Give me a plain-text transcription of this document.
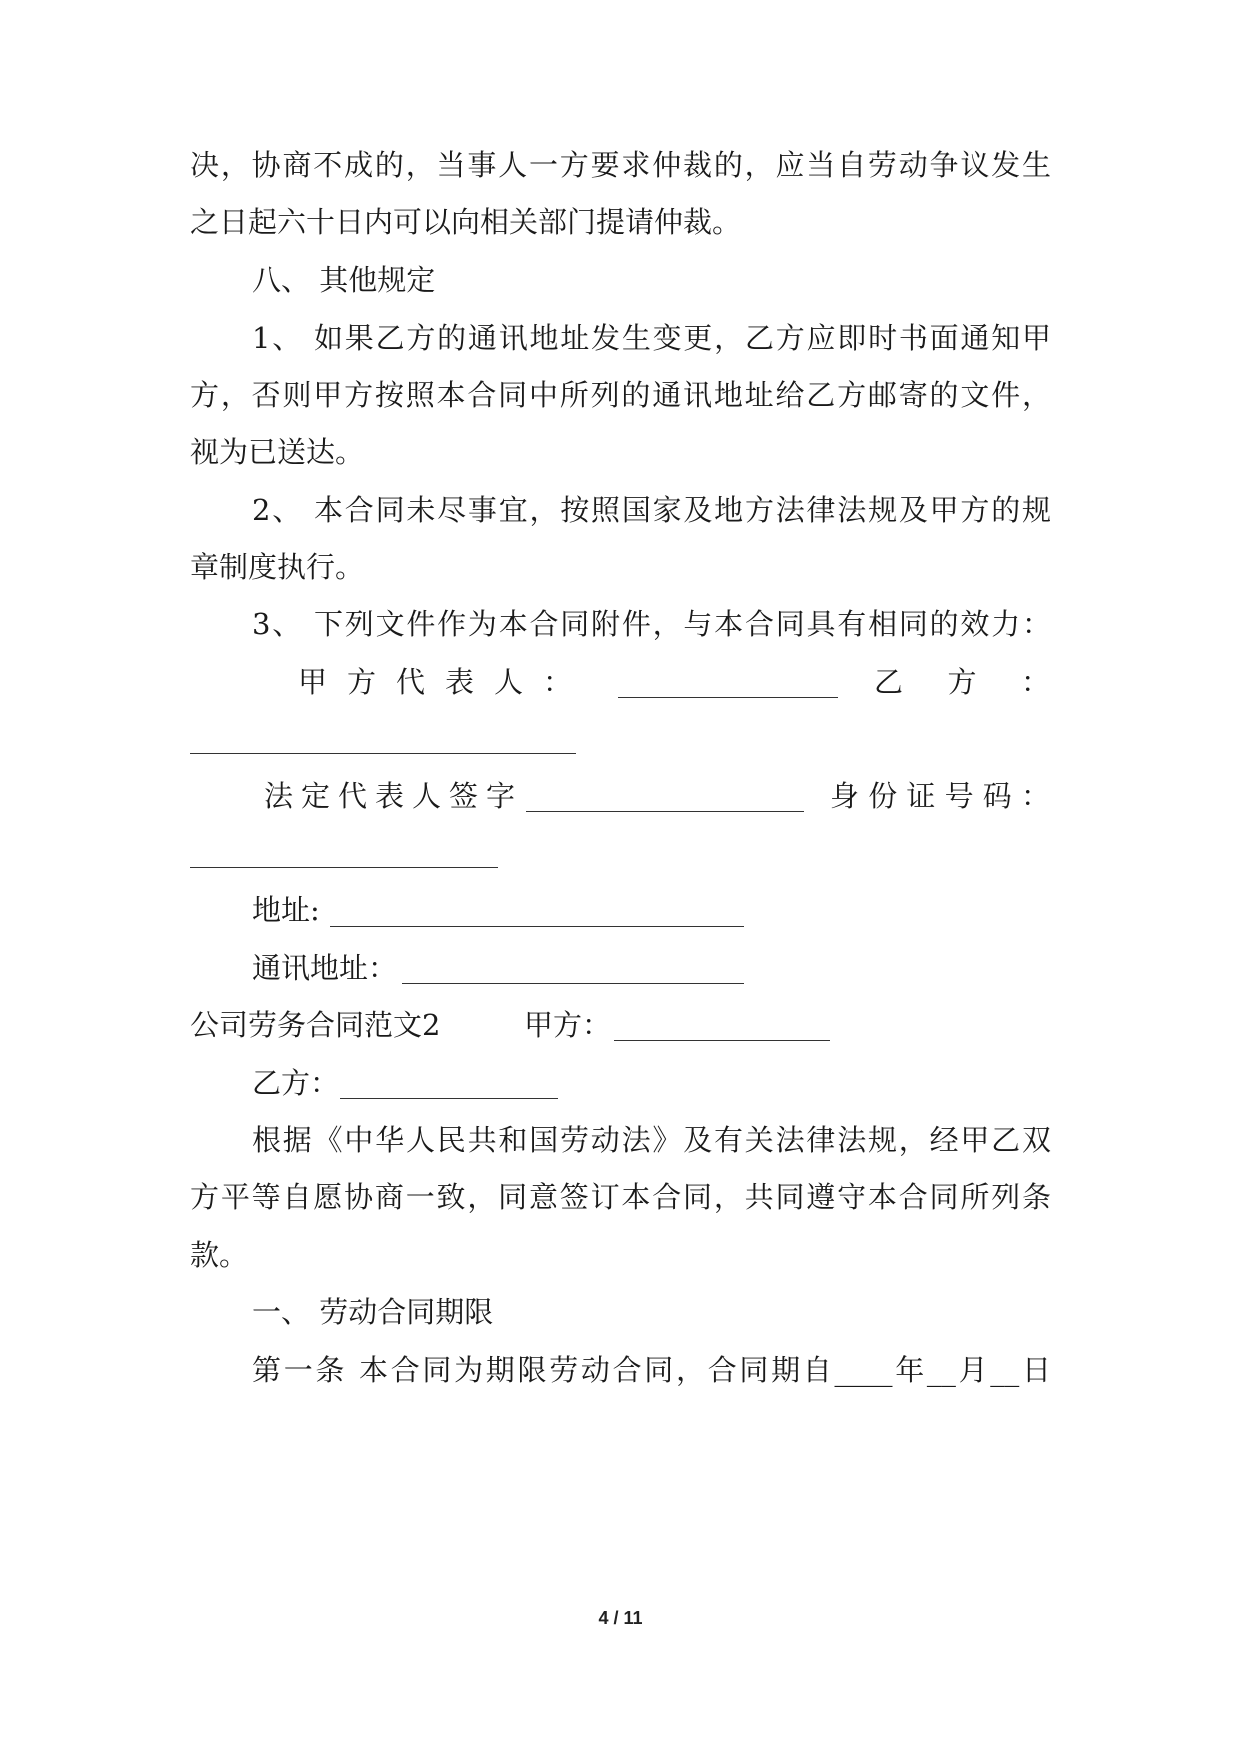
决，协商不成的，当事人一方要求仲裁的，应当自劳动争议发生
之日起六十日内可以向相关部门提请仲裁。
八、 其他规定
1、 如果乙方的通讯地址发生变更，乙方应即时书面通知甲
方，否则甲方按照本合同中所列的通讯地址给乙方邮寄的文件，
视为已送达。
2、 本合同未尽事宜，按照国家及地方法律法规及甲方的规
章制度执行。
3、 下列文件作为本合同附件，与本合同具有相同的效力：
甲方代表人：	乙方：
法定代表人签字	身份证号码：
地址:
通讯地址：
公司劳务合同范文2	甲方：
乙方：
根据《中华人民共和国劳动法》及有关法律法规，经甲乙双
方平等自愿协商一致，同意签订本合同，共同遵守本合同所列条
款。
一、 劳动合同期限
第一条 本合同为期限劳动合同，合同期自____年__月__日
4 / 11
